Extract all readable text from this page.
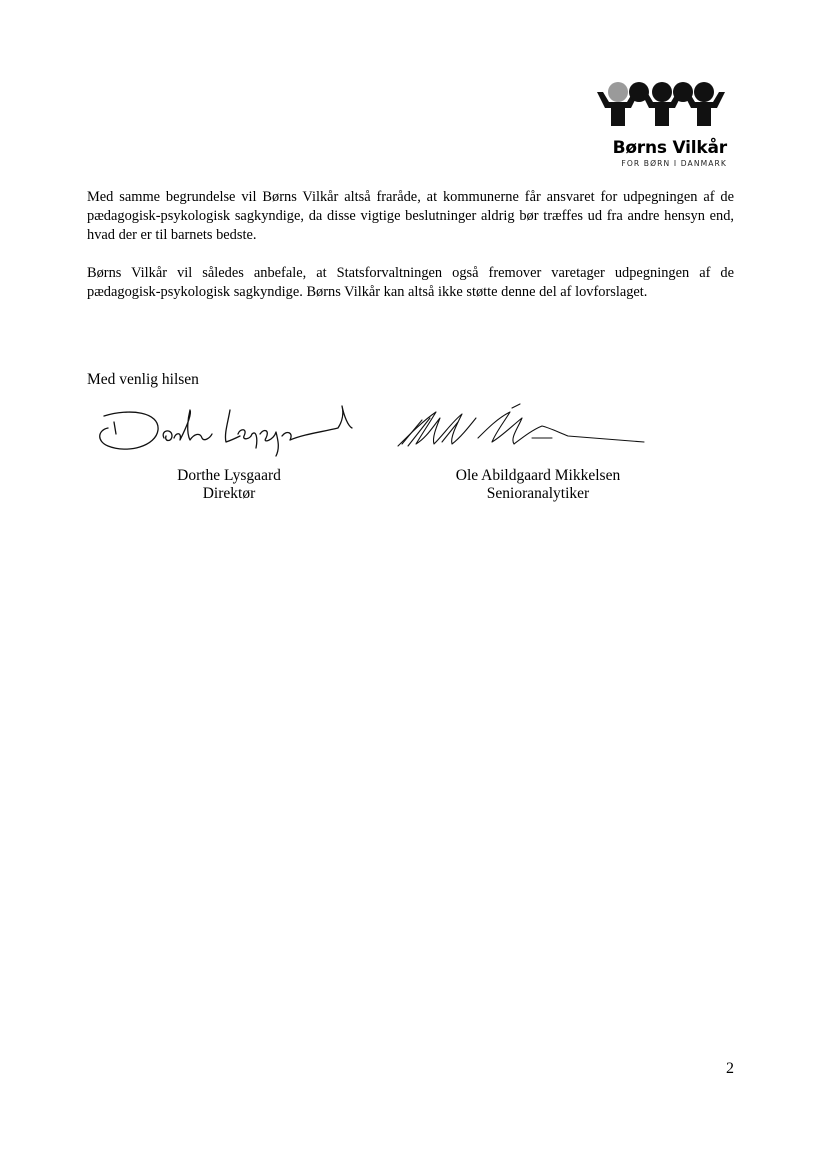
Børns Vilkår
FOR BØRN I DANMARK

Med samme begrundelse vil Børns Vilkår altså fraråde, at kommunerne får ansvaret for udpegningen af de pædagogisk-psykologisk sagkyndige, da disse vigtige beslutninger aldrig bør træffes ud fra andre hensyn end, hvad der er til barnets bedste.

Børns Vilkår vil således anbefale, at Statsforvaltningen også fremover varetager udpegningen af de pædagogisk-psykologisk sagkyndige. Børns Vilkår kan altså ikke støtte denne del af lovforslaget.

Med venlig hilsen
Dorthe Lysgaard
Direktør
Ole Abildgaard Mikkelsen
Senioranalytiker
2
